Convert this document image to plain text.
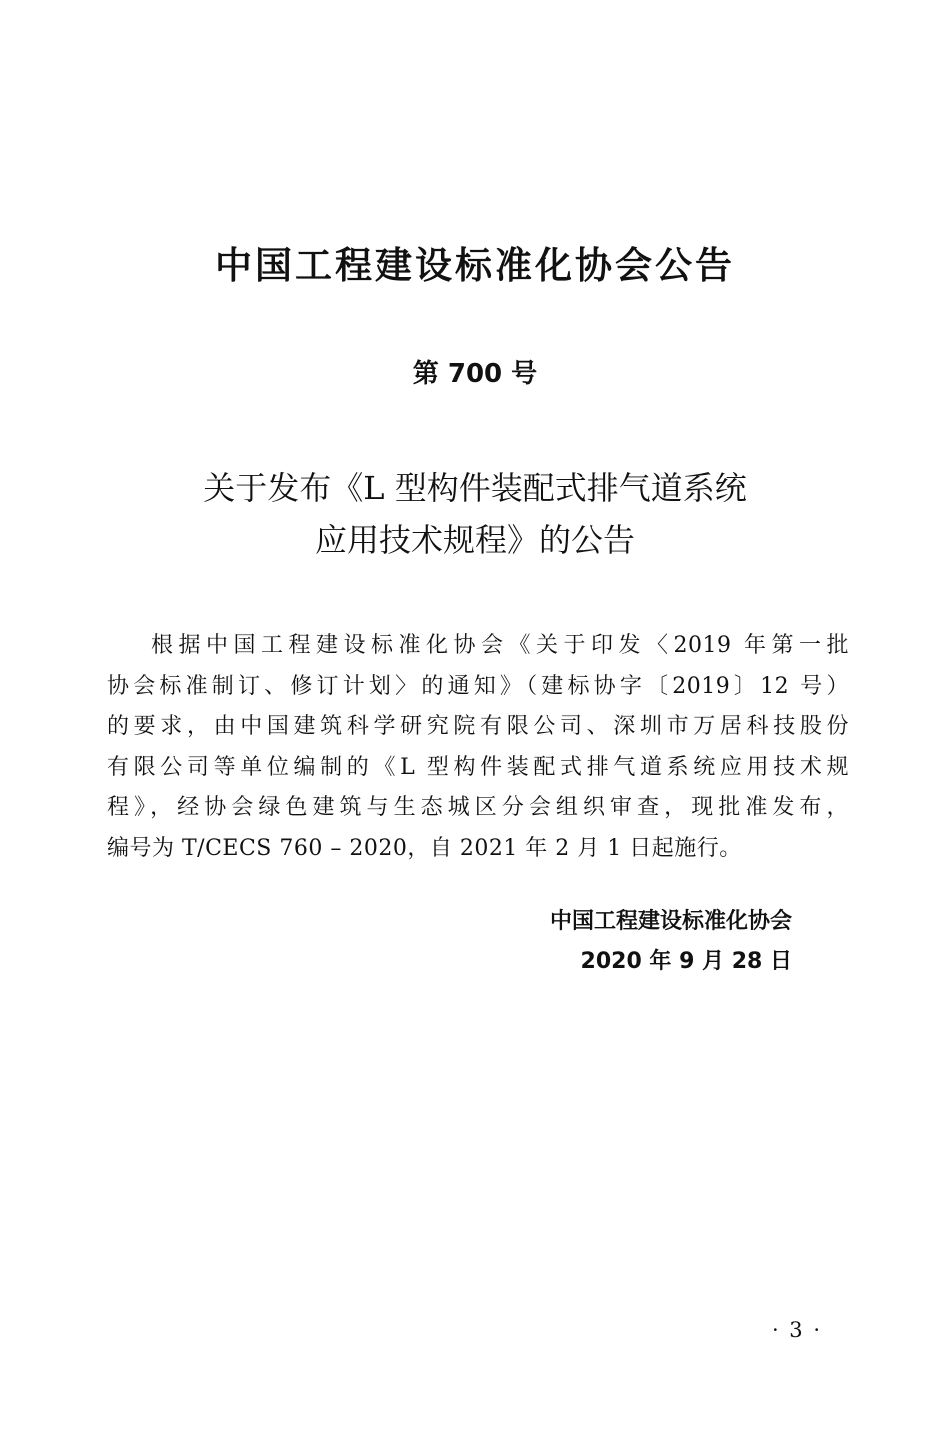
中国工程建设标准化协会公告
第 700 号
关于发布《L 型构件装配式排气道系统
应用技术规程》的公告
根据中国工程建设标准化协会《关于印发〈2019 年第一批
协会标准制订、修订计划〉的通知》（建标协字〔2019〕12 号）
的要求，由中国建筑科学研究院有限公司、深圳市万居科技股份
有限公司等单位编制的《L 型构件装配式排气道系统应用技术规
程》，经协会绿色建筑与生态城区分会组织审查，现批准发布，
编号为 T/CECS 760 – 2020，自 2021 年 2 月 1 日起施行。
中国工程建设标准化协会
2020 年 9 月 28 日
· 3 ·
